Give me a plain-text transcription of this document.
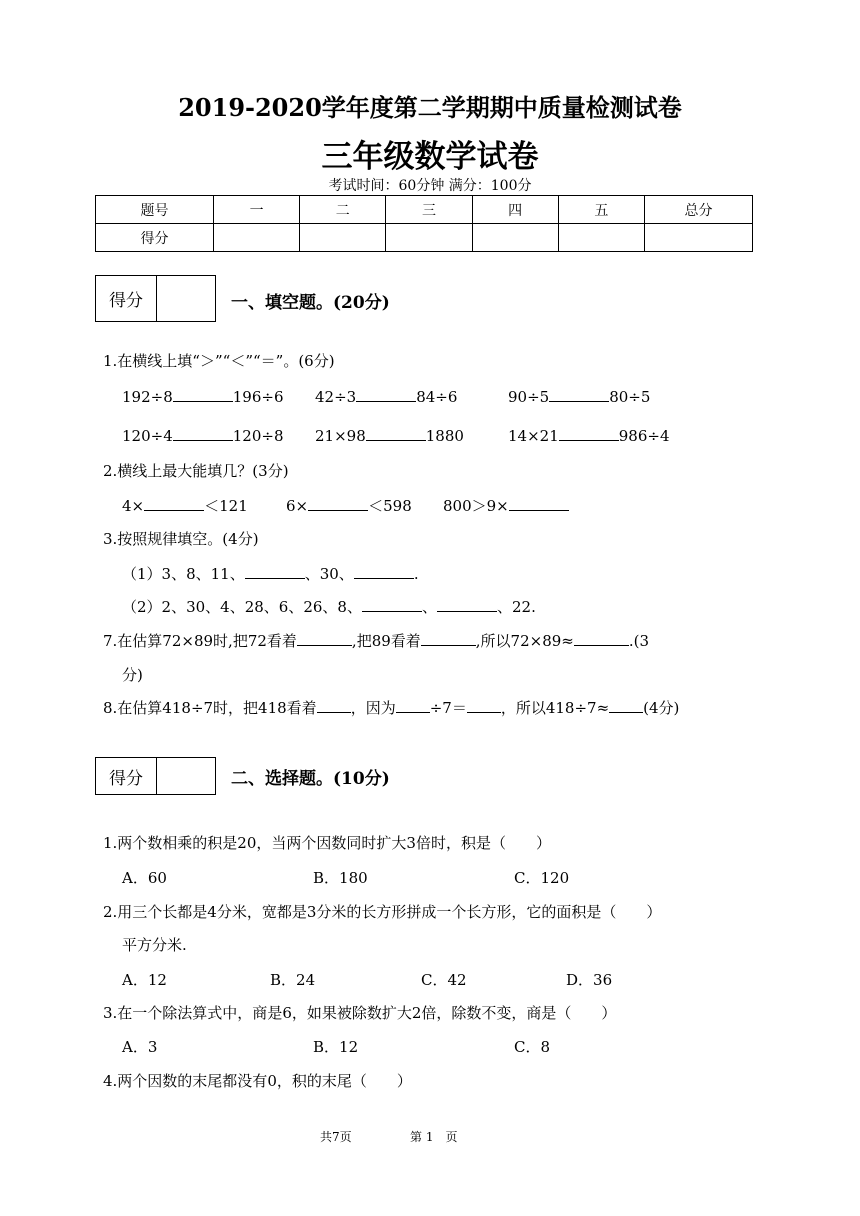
2019-2020学年度第二学期期中质量检测试卷
三年级数学试卷
考试时间：60分钟 满分：100分
题号	一	二	三	四	五	总分
得分						
得分	一、填空题。(20分)
1.在横线上填“＞”“＜”“＝”。(6分)
192÷8	196÷6 42÷3	84÷6	90÷5	80÷5
120÷4	120÷8 21×98	1880	14×21	986÷4
2.横线上最大能填几？(3分)
4×	＜121	6×	＜598 800＞9×
3.按照规律填空。(4分)
（1）3、8、11、	、30、	.
（2）2、30、4、28、6、26、8、	、	、22.
7.在估算72×89时,把72看着	,把89看着	,所以72×89≈	.(3
分)
8.在估算418÷7时，把418看着 ，因为 ÷7＝ ，所以418÷7≈ (4分)
得分	二、选择题。(10分)
1.两个数相乘的积是20，当两个因数同时扩大3倍时，积是（　　）
A．60	B．180	C．120
2.用三个长都是4分米，宽都是3分米的长方形拼成一个长方形，它的面积是（　　）
平方分米.
A．12	B．24	C．42	D．36
3.在一个除法算式中，商是6，如果被除数扩大2倍，除数不变，商是（　　）
A．3	B．12	C．8
4.两个因数的末尾都没有0，积的末尾（　　）
共7页	第 1　页
